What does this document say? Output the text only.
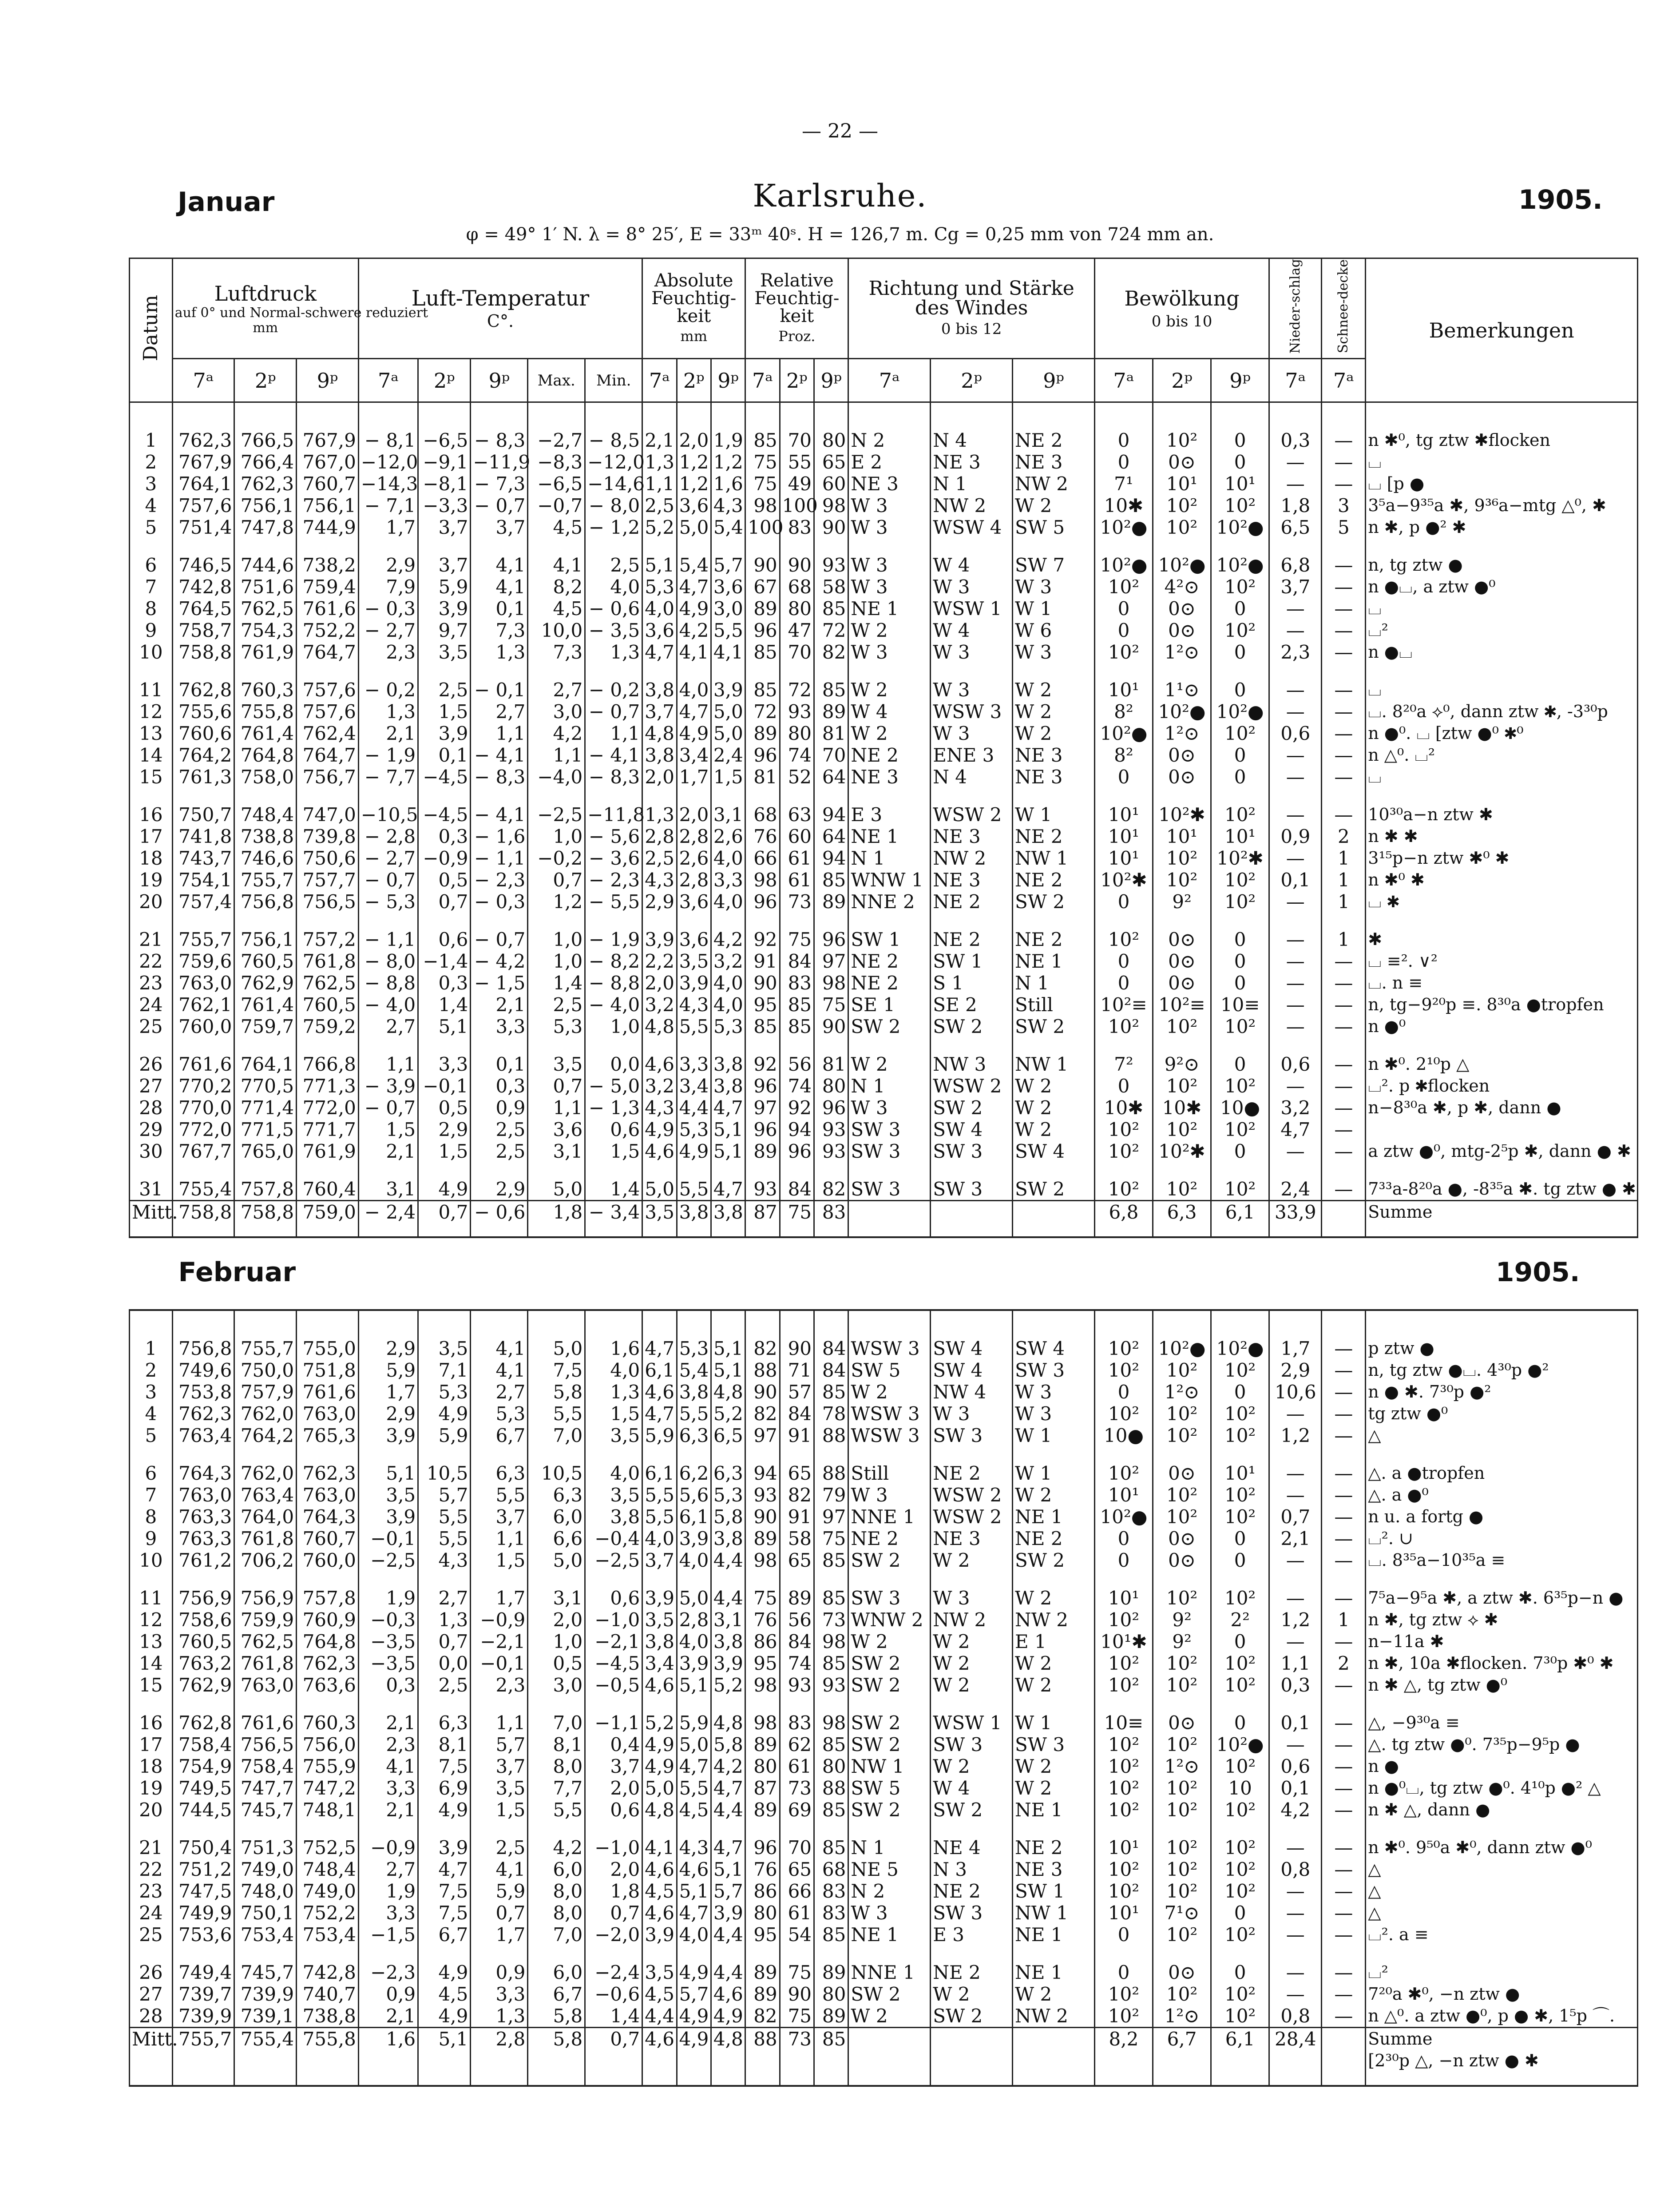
— 22 —
Januar	Karlsruhe.	1905.
φ = 49° 1′ N. λ = 8° 25′, E = 33ᵐ 40ˢ. H = 126,7 m. Cg = 0,25 mm von 724 mm an.
Datum	Luftdruck
auf 0° und Normal-schwere reduziert
mm			Luft-Temperatur
C°.					Absolute Feuchtig-keit
mm			Relative Feuchtig-keit
Proz.			Richtung und Stärke des Windes
0 bis 12			Bewölkung
0 bis 10			Nieder-schlag	Schnee-decke	Bemerkungen
	7ᵃ	2ᵖ	9ᵖ	7ᵃ	2ᵖ	9ᵖ	Max.	Min.	7ᵃ	2ᵖ	9ᵖ	7ᵃ	2ᵖ	9ᵖ	7ᵃ	2ᵖ	9ᵖ	7ᵃ	2ᵖ	9ᵖ	7ᵃ	7ᵃ	

1	762,3	766,5	767,9	− 8,1	−6,5	− 8,3	−2,7	− 8,5	2,1	2,0	1,9	85	70	80	N 2	N 4	NE 2	0	10²	0	0,3	—	n ✱⁰, tg ztw ✱flocken
2	767,9	766,4	767,0	−12,0	−9,1	−11,9	−8,3	−12,0	1,3	1,2	1,2	75	55	65	E 2	NE 3	NE 3	0	0⊙	0	—	—	⌴
3	764,1	762,3	760,7	−14,3	−8,1	− 7,3	−6,5	−14,6	1,1	1,2	1,6	75	49	60	NE 3	N 1	NW 2	7¹	10¹	10¹	—	—	⌴ [p ●
4	757,6	756,1	756,1	− 7,1	−3,3	− 0,7	−0,7	− 8,0	2,5	3,6	4,3	98	100	98	W 3	NW 2	W 2	10✱	10²	10²	1,8	3	3⁵a−9³⁵a ✱, 9³⁶a−mtg △⁰, ✱
5	751,4	747,8	744,9	1,7	3,7	3,7	4,5	− 1,2	5,2	5,0	5,4	100	83	90	W 3	WSW 4	SW 5	10²●	10²	10²●	6,5	5	n ✱, p ●² ✱

6	746,5	744,6	738,2	2,9	3,7	4,1	4,1	2,5	5,1	5,4	5,7	90	90	93	W 3	W 4	SW 7	10²●	10²●	10²●	6,8	—	n, tg ztw ●
7	742,8	751,6	759,4	7,9	5,9	4,1	8,2	4,0	5,3	4,7	3,6	67	68	58	W 3	W 3	W 3	10²	4²⊙	10²	3,7	—	n ●⌴, a ztw ●⁰
8	764,5	762,5	761,6	− 0,3	3,9	0,1	4,5	− 0,6	4,0	4,9	3,0	89	80	85	NE 1	WSW 1	W 1	0	0⊙	0	—	—	⌴
9	758,7	754,3	752,2	− 2,7	9,7	7,3	10,0	− 3,5	3,6	4,2	5,5	96	47	72	W 2	W 4	W 6	0	0⊙	10²	—	—	⌴²
10	758,8	761,9	764,7	2,3	3,5	1,3	7,3	1,3	4,7	4,1	4,1	85	70	82	W 3	W 3	W 3	10²	1²⊙	0	2,3	—	n ●⌴

11	762,8	760,3	757,6	− 0,2	2,5	− 0,1	2,7	− 0,2	3,8	4,0	3,9	85	72	85	W 2	W 3	W 2	10¹	1¹⊙	0	—	—	⌴
12	755,6	755,8	757,6	1,3	1,5	2,7	3,0	− 0,7	3,7	4,7	5,0	72	93	89	W 4	WSW 3	W 2	8²	10²●	10²●	—	—	⌴. 8²⁰a ⟡⁰, dann ztw ✱, -3³⁰p
13	760,6	761,4	762,4	2,1	3,9	1,1	4,2	1,1	4,8	4,9	5,0	89	80	81	W 2	W 3	W 2	10²●	1²⊙	10²	0,6	—	n ●⁰. ⌴ [ztw ●⁰ ✱⁰
14	764,2	764,8	764,7	− 1,9	0,1	− 4,1	1,1	− 4,1	3,8	3,4	2,4	96	74	70	NE 2	ENE 3	NE 3	8²	0⊙	0	—	—	n △⁰. ⌴²
15	761,3	758,0	756,7	− 7,7	−4,5	− 8,3	−4,0	− 8,3	2,0	1,7	1,5	81	52	64	NE 3	N 4	NE 3	0	0⊙	0	—	—	⌴

16	750,7	748,4	747,0	−10,5	−4,5	− 4,1	−2,5	−11,8	1,3	2,0	3,1	68	63	94	E 3	WSW 2	W 1	10¹	10²✱	10²	—	—	10³⁰a−n ztw ✱
17	741,8	738,8	739,8	− 2,8	0,3	− 1,6	1,0	− 5,6	2,8	2,8	2,6	76	60	64	NE 1	NE 3	NE 2	10¹	10¹	10¹	0,9	2	n ✱ ✱
18	743,7	746,6	750,6	− 2,7	−0,9	− 1,1	−0,2	− 3,6	2,5	2,6	4,0	66	61	94	N 1	NW 2	NW 1	10¹	10²	10²✱	—	1	3¹⁵p−n ztw ✱⁰ ✱
19	754,1	755,7	757,7	− 0,7	0,5	− 2,3	0,7	− 2,3	4,3	2,8	3,3	98	61	85	WNW 1	NE 3	NE 2	10²✱	10²	10²	0,1	1	n ✱⁰ ✱
20	757,4	756,8	756,5	− 5,3	0,7	− 0,3	1,2	− 5,5	2,9	3,6	4,0	96	73	89	NNE 2	NE 2	SW 2	0	9²	10²	—	1	⌴ ✱

21	755,7	756,1	757,2	− 1,1	0,6	− 0,7	1,0	− 1,9	3,9	3,6	4,2	92	75	96	SW 1	NE 2	NE 2	10²	0⊙	0	—	1	✱
22	759,6	760,5	761,8	− 8,0	−1,4	− 4,2	1,0	− 8,2	2,2	3,5	3,2	91	84	97	NE 2	SW 1	NE 1	0	0⊙	0	—	—	⌴ ≡². ∨²
23	763,0	762,9	762,5	− 8,8	0,3	− 1,5	1,4	− 8,8	2,0	3,9	4,0	90	83	98	NE 2	S 1	N 1	0	0⊙	0	—	—	⌴. n ≡
24	762,1	761,4	760,5	− 4,0	1,4	2,1	2,5	− 4,0	3,2	4,3	4,0	95	85	75	SE 1	SE 2	Still	10²≡	10²≡	10≡	—	—	n, tg−9²⁰p ≡. 8³⁰a ●tropfen
25	760,0	759,7	759,2	2,7	5,1	3,3	5,3	1,0	4,8	5,5	5,3	85	85	90	SW 2	SW 2	SW 2	10²	10²	10²	—	—	n ●⁰

26	761,6	764,1	766,8	1,1	3,3	0,1	3,5	0,0	4,6	3,3	3,8	92	56	81	W 2	NW 3	NW 1	7²	9²⊙	0	0,6	—	n ✱⁰. 2¹⁰p △
27	770,2	770,5	771,3	− 3,9	−0,1	0,3	0,7	− 5,0	3,2	3,4	3,8	96	74	80	N 1	WSW 2	W 2	0	10²	10²	—	—	⌴². p ✱flocken
28	770,0	771,4	772,0	− 0,7	0,5	0,9	1,1	− 1,3	4,3	4,4	4,7	97	92	96	W 3	SW 2	W 2	10✱	10✱	10●	3,2	—	n−8³⁰a ✱, p ✱, dann ●
29	772,0	771,5	771,7	1,5	2,9	2,5	3,6	0,6	4,9	5,3	5,1	96	94	93	SW 3	SW 4	W 2	10²	10²	10²	4,7	—	
30	767,7	765,0	761,9	2,1	1,5	2,5	3,1	1,5	4,6	4,9	5,1	89	96	93	SW 3	SW 3	SW 4	10²	10²✱	0	—	—	a ztw ●⁰, mtg-2⁵p ✱, dann ● ✱

31	755,4	757,8	760,4	3,1	4,9	2,9	5,0	1,4	5,0	5,5	4,7	93	84	82	SW 3	SW 3	SW 2	10²	10²	10²	2,4	—	7³³a-8²⁰a ●, -8³⁵a ✱. tg ztw ● ✱
Mitt.	758,8	758,8	759,0	− 2,4	0,7	− 0,6	1,8	− 3,4	3,5	3,8	3,8	87	75	83				6,8	6,3	6,1	33,9		Summe

Februar												1905.											

1	756,8	755,7	755,0	2,9	3,5	4,1	5,0	1,6	4,7	5,3	5,1	82	90	84	WSW 3	SW 4	SW 4	10²	10²●	10²●	1,7	—	p ztw ●
2	749,6	750,0	751,8	5,9	7,1	4,1	7,5	4,0	6,1	5,4	5,1	88	71	84	SW 5	SW 4	SW 3	10²	10²	10²	2,9	—	n, tg ztw ●⌴. 4³⁰p ●²
3	753,8	757,9	761,6	1,7	5,3	2,7	5,8	1,3	4,6	3,8	4,8	90	57	85	W 2	NW 4	W 3	0	1²⊙	0	10,6	—	n ● ✱. 7³⁰p ●²
4	762,3	762,0	763,0	2,9	4,9	5,3	5,5	1,5	4,7	5,5	5,2	82	84	78	WSW 3	W 3	W 3	10²	10²	10²	—	—	tg ztw ●⁰
5	763,4	764,2	765,3	3,9	5,9	6,7	7,0	3,5	5,9	6,3	6,5	97	91	88	WSW 3	SW 3	W 1	10●	10²	10²	1,2	—	△

6	764,3	762,0	762,3	5,1	10,5	6,3	10,5	4,0	6,1	6,2	6,3	94	65	88	Still	NE 2	W 1	10²	0⊙	10¹	—	—	△. a ●tropfen
7	763,0	763,4	763,0	3,5	5,7	5,5	6,3	3,5	5,5	5,6	5,3	93	82	79	W 3	WSW 2	W 2	10¹	10²	10²	—	—	△. a ●⁰
8	763,3	764,0	764,3	3,9	5,5	3,7	6,0	3,8	5,5	6,1	5,8	90	91	97	NNE 1	WSW 2	NE 1	10²●	10²	10²	0,7	—	n u. a fortg ●
9	763,3	761,8	760,7	−0,1	5,5	1,1	6,6	−0,4	4,0	3,9	3,8	89	58	75	NE 2	NE 3	NE 2	0	0⊙	0	2,1	—	⌴². ∪
10	761,2	706,2	760,0	−2,5	4,3	1,5	5,0	−2,5	3,7	4,0	4,4	98	65	85	SW 2	W 2	SW 2	0	0⊙	0	—	—	⌴. 8³⁵a−10³⁵a ≡

11	756,9	756,9	757,8	1,9	2,7	1,7	3,1	0,6	3,9	5,0	4,4	75	89	85	SW 3	W 3	W 2	10¹	10²	10²	—	—	7⁵a−9⁵a ✱, a ztw ✱. 6³⁵p−n ●
12	758,6	759,9	760,9	−0,3	1,3	−0,9	2,0	−1,0	3,5	2,8	3,1	76	56	73	WNW 2	NW 2	NW 2	10²	9²	2²	1,2	1	n ✱, tg ztw ⟡ ✱
13	760,5	762,5	764,8	−3,5	0,7	−2,1	1,0	−2,1	3,8	4,0	3,8	86	84	98	W 2	W 2	E 1	10¹✱	9²	0	—	—	n−11a ✱
14	763,2	761,8	762,3	−3,5	0,0	−0,1	0,5	−4,5	3,4	3,9	3,9	95	74	85	SW 2	W 2	W 2	10²	10²	10²	1,1	2	n ✱, 10a ✱flocken. 7³⁰p ✱⁰ ✱
15	762,9	763,0	763,6	0,3	2,5	2,3	3,0	−0,5	4,6	5,1	5,2	98	93	93	SW 2	W 2	W 2	10²	10²	10²	0,3	—	n ✱ △, tg ztw ●⁰

16	762,8	761,6	760,3	2,1	6,3	1,1	7,0	−1,1	5,2	5,9	4,8	98	83	98	SW 2	WSW 1	W 1	10≡	0⊙	0	0,1	—	△, −9³⁰a ≡
17	758,4	756,5	756,0	2,3	8,1	5,7	8,1	0,4	4,9	5,0	5,8	89	62	85	SW 2	SW 3	SW 3	10²	10²	10²●	—	—	△. tg ztw ●⁰. 7³⁵p−9⁵p ●
18	754,9	758,4	755,9	4,1	7,5	3,7	8,0	3,7	4,9	4,7	4,2	80	61	80	NW 1	W 2	W 2	10²	1²⊙	10²	0,6	—	n ●
19	749,5	747,7	747,2	3,3	6,9	3,5	7,7	2,0	5,0	5,5	4,7	87	73	88	SW 5	W 4	W 2	10²	10²	10	0,1	—	n ●⁰⌴, tg ztw ●⁰. 4¹⁰p ●² △
20	744,5	745,7	748,1	2,1	4,9	1,5	5,5	0,6	4,8	4,5	4,4	89	69	85	SW 2	SW 2	NE 1	10²	10²	10²	4,2	—	n ✱ △, dann ●

21	750,4	751,3	752,5	−0,9	3,9	2,5	4,2	−1,0	4,1	4,3	4,7	96	70	85	N 1	NE 4	NE 2	10¹	10²	10²	—	—	n ✱⁰. 9⁵⁰a ✱⁰, dann ztw ●⁰
22	751,2	749,0	748,4	2,7	4,7	4,1	6,0	2,0	4,6	4,6	5,1	76	65	68	NE 5	N 3	NE 3	10²	10²	10²	0,8	—	△
23	747,5	748,0	749,0	1,9	7,5	5,9	8,0	1,8	4,5	5,1	5,7	86	66	83	N 2	NE 2	SW 1	10²	10²	10²	—	—	△
24	749,9	750,1	752,2	3,3	7,5	0,7	8,0	0,7	4,6	4,7	3,9	80	61	83	W 3	SW 3	NW 1	10¹	7¹⊙	0	—	—	△
25	753,6	753,4	753,4	−1,5	6,7	1,7	7,0	−2,0	3,9	4,0	4,4	95	54	85	NE 1	E 3	NE 1	0	10²	10²	—	—	⌴². a ≡

26	749,4	745,7	742,8	−2,3	4,9	0,9	6,0	−2,4	3,5	4,9	4,4	89	75	89	NNE 1	NE 2	NE 1	0	0⊙	0	—	—	⌴²
27	739,7	739,9	740,7	0,9	4,5	3,3	6,7	−0,6	4,5	5,7	4,6	89	90	80	SW 2	W 2	W 2	10²	10²	10²	—	—	7²⁰a ✱⁰, −n ztw ●
28	739,9	739,1	738,8	2,1	4,9	1,3	5,8	1,4	4,4	4,9	4,9	82	75	89	W 2	SW 2	NW 2	10²	1²⊙	10²	0,8	—	n △⁰. a ztw ●⁰, p ● ✱, 1⁵p ⌒.
Mitt.	755,7	755,4	755,8	1,6	5,1	2,8	5,8	0,7	4,6	4,9	4,8	88	73	85				8,2	6,7	6,1	28,4		Summe
																							[2³⁰p △, −n ztw ● ✱
